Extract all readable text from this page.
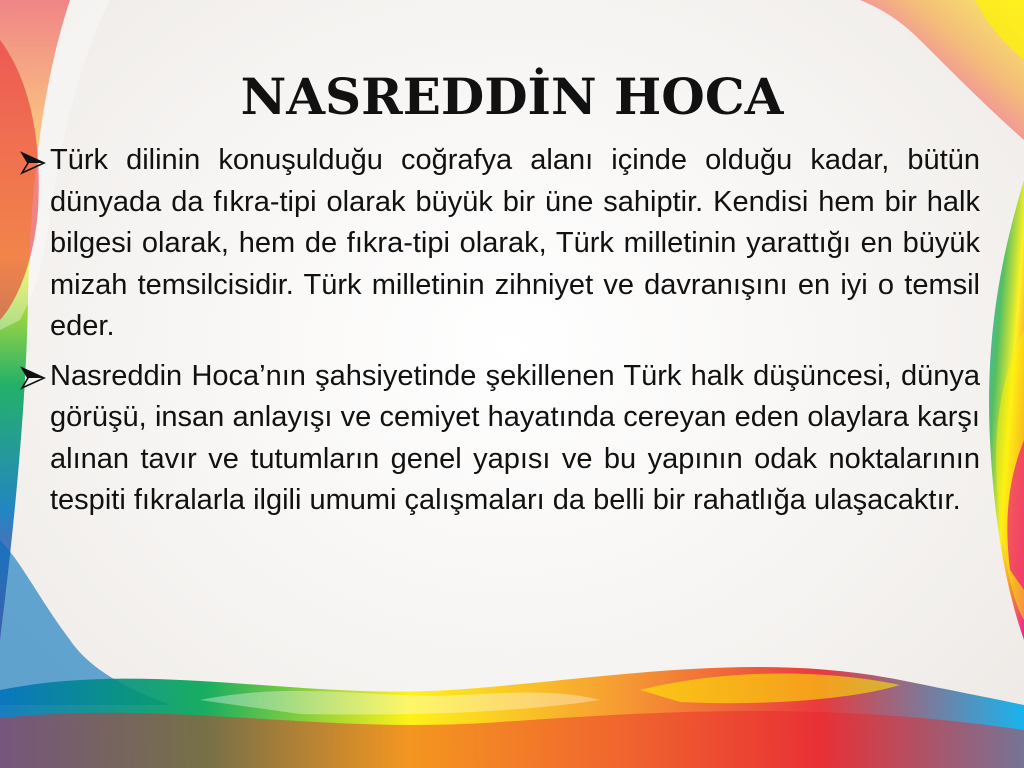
NASREDDİN HOCA
Türk dilinin konuşulduğu coğrafya alanı içinde olduğu kadar, bütün dünyada da fıkra-tipi olarak büyük bir üne sahiptir. Kendisi hem bir halk bilgesi olarak, hem de fıkra-tipi olarak, Türk milletinin yarattığı en büyük mizah temsilcisidir. Türk milletinin zihniyet ve davranışını en iyi o temsil eder.
Nasreddin Hoca’nın şahsiyetinde şekillenen Türk halk düşüncesi, dünya görüşü, insan anlayışı ve cemiyet hayatında cereyan eden olaylara karşı alınan tavır ve tutumların genel yapısı ve bu yapının odak noktalarının tespiti fıkralarla ilgili umumi çalışmaları da belli bir rahatlığa ulaşacaktır.
